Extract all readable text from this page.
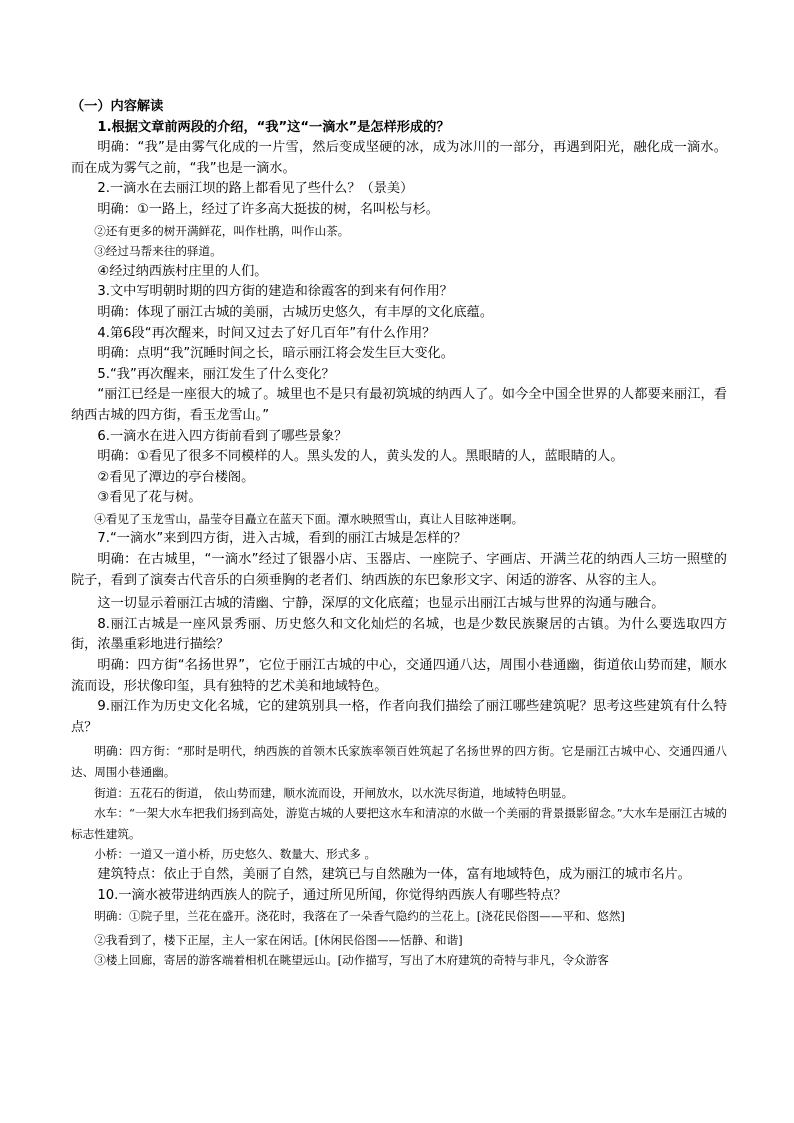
（一）内容解读

1.根据文章前两段的介绍，“我”这“一滴水”是怎样形成的？

明确：“我”是由雾气化成的一片雪，然后变成坚硬的冰，成为冰川的一部分，再遇到阳光，融化成一滴水。而在成为雾气之前，“我”也是一滴水。

2.一滴水在去丽江坝的路上都看见了些什么？（景美）

明确：①一路上，经过了许多高大挺拔的树，名叫松与杉。

②还有更多的树开满鲜花，叫作杜鹃，叫作山茶。

③经过马帮来往的驿道。

④经过纳西族村庄里的人们。

3.文中写明朝时期的四方街的建造和徐霞客的到来有何作用？

明确：体现了丽江古城的美丽，古城历史悠久，有丰厚的文化底蕴。

4.第6段“再次醒来，时间又过去了好几百年”有什么作用？

明确：点明“我”沉睡时间之长，暗示丽江将会发生巨大变化。

5.“我”再次醒来，丽江发生了什么变化？

“丽江已经是一座很大的城了。城里也不是只有最初筑城的纳西人了。如今全中国全世界的人都要来丽江，看纳西古城的四方街，看玉龙雪山。”

6.一滴水在进入四方街前看到了哪些景象？

明确：①看见了很多不同模样的人。黑头发的人，黄头发的人。黑眼睛的人，蓝眼睛的人。

②看见了潭边的亭台楼阁。

③看见了花与树。

④看见了玉龙雪山，晶莹夺目矗立在蓝天下面。潭水映照雪山，真让人目眩神迷啊。

7.“一滴水”来到四方街，进入古城，看到的丽江古城是怎样的？

明确：在古城里，“一滴水”经过了银器小店、玉器店、一座院子、字画店、开满兰花的纳西人三坊一照壁的院子，看到了演奏古代音乐的白须垂胸的老者们、纳西族的东巴象形文字、闲适的游客、从容的主人。

这一切显示着丽江古城的清幽、宁静，深厚的文化底蕴；也显示出丽江古城与世界的沟通与融合。

8.丽江古城是一座风景秀丽、历史悠久和文化灿烂的名城，也是少数民族聚居的古镇。为什么要选取四方街，浓墨重彩地进行描绘？

明确：四方街“名扬世界”，它位于丽江古城的中心，交通四通八达，周围小巷通幽，街道依山势而建，顺水流而设，形状像印玺，具有独特的艺术美和地域特色。

9.丽江作为历史文化名城，它的建筑别具一格，作者向我们描绘了丽江哪些建筑呢？思考这些建筑有什么特点？

明确：四方街：“那时是明代，纳西族的首领木氏家族率领百姓筑起了名扬世界的四方街。它是丽江古城中心、交通四通八达、周围小巷通幽。

街道：五花石的街道， 依山势而建，顺水流而设，开闸放水，以水洗尽街道，地域特色明显。

水车：“一架大水车把我们扬到高处，游览古城的人要把这水车和清凉的水做一个美丽的背景摄影留念。”大水车是丽江古城的标志性建筑。

小桥：一道又一道小桥，历史悠久、数量大、形式多 。

建筑特点：依止于自然，美丽了自然，建筑已与自然融为一体，富有地域特色，成为丽江的城市名片。

10.一滴水被带进纳西族人的院子，通过所见所闻，你觉得纳西族人有哪些特点？

明确：①院子里，兰花在盛开。浇花时，我落在了一朵香气隐约的兰花上。[浇花民俗图——平和、悠然]

②我看到了，楼下正屋，主人一家在闲话。[休闲民俗图——恬静、和谐]

③楼上回廊，寄居的游客端着相机在眺望远山。[动作描写，写出了木府建筑的奇特与非凡，令众游客
